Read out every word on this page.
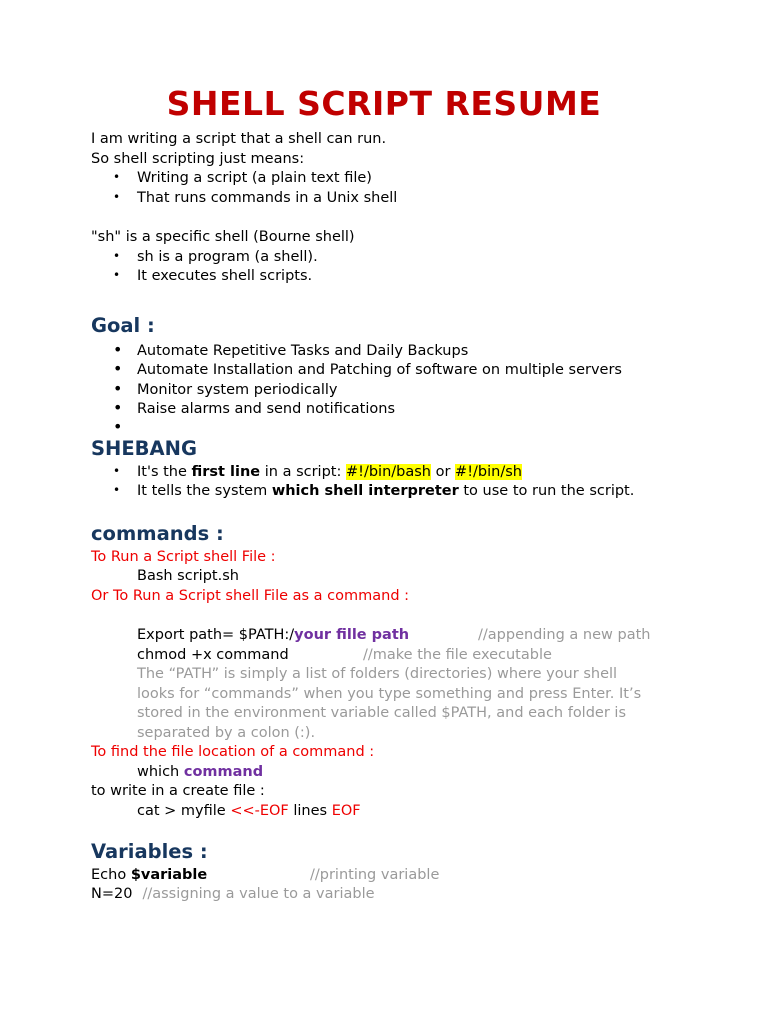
SHELL SCRIPT RESUME
I am writing a script that a shell can run.
So shell scripting just means:
• Writing a script (a plain text file)
• That runs commands in a Unix shell
"sh" is a specific shell (Bourne shell)
• sh is a program (a shell).
• It executes shell scripts.
Goal :
• Automate Repetitive Tasks and Daily Backups
• Automate Installation and Patching of software on multiple servers
• Monitor system periodically
• Raise alarms and send notifications
•
SHEBANG
• It's the first line in a script: #!/bin/bash or #!/bin/sh
• It tells the system which shell interpreter to use to run the script.
commands :
To Run a Script shell File :
Bash script.sh
Or To Run a Script shell File as a command :
Export path= $PATH:/your fille path	//appending a new path
chmod +x command	//make the file executable
The “PATH” is simply a list of folders (directories) where your shell
looks for “commands” when you type something and press Enter. It’s
stored in the environment variable called $PATH, and each folder is
separated by a colon (:).
To find the file location of a command :
which command
to write in a create file :
cat > myfile <<-EOF lines EOF
Variables :
Echo $variable	//printing variable
N=20 //assigning a value to a variable
